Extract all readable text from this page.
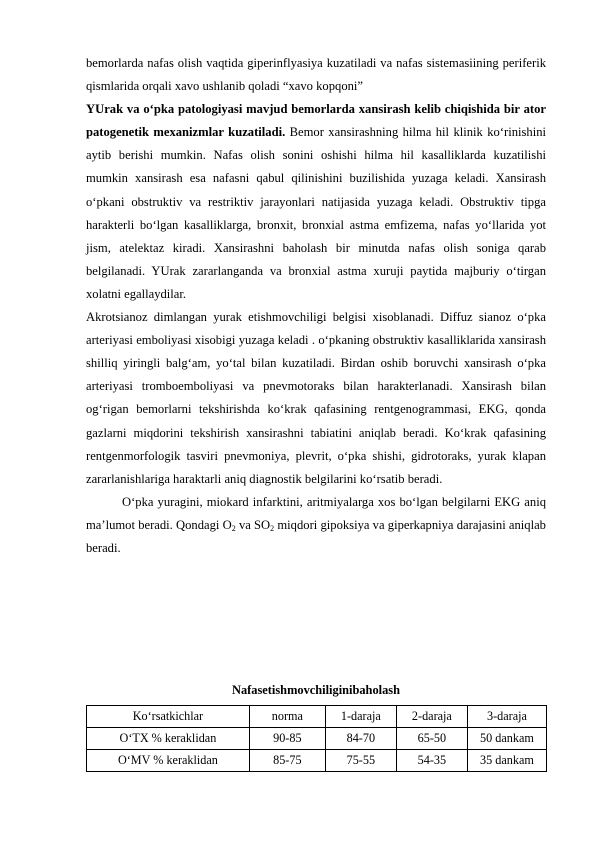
bemorlarda nafas olish vaqtida giperinflyasiya kuzatiladi va nafas sistemasiining periferik qismlarida orqali xavo ushlanib qoladi “xavo kopqoni”

YUrak va o‘pka patologiyasi mavjud bemorlarda xansirash kelib chiqishida bir ator patogenetik mexanizmlar kuzatiladi. Bemor xansirashning hilma hil klinik ko‘rinishini aytib berishi mumkin. Nafas olish sonini oshishi hilma hil kasalliklarda kuzatilishi mumkin xansirash esa nafasni qabul qilinishini buzilishida yuzaga keladi. Xansirash o‘pkani obstruktiv va restriktiv jarayonlari natijasida yuzaga keladi. Obstruktiv tipga harakterli bo‘lgan kasalliklarga, bronxit, bronxial astma emfizema, nafas yo‘llarida yot jism, atelektaz kiradi. Xansirashni baholash bir minutda nafas olish soniga qarab belgilanadi. YUrak zararlanganda va bronxial astma xuruji paytida majburiy o‘tirgan xolatni egallaydilar.

Akrotsianoz dimlangan yurak etishmovchiligi belgisi xisoblanadi. Diffuz sianoz o‘pka arteriyasi emboliyasi xisobigi yuzaga keladi . o‘pkaning obstruktiv kasalliklarida xansirash shilliq yiringli balg‘am, yo‘tal bilan kuzatiladi. Birdan oshib boruvchi xansirash o‘pka arteriyasi tromboemboliyasi va pnevmotoraks bilan harakterlanadi. Xansirash bilan og‘rigan bemorlarni tekshirishda ko‘krak qafasining rentgenogrammasi, EKG, qonda gazlarni miqdorini tekshirish xansirashni tabiatini aniqlab beradi. Ko‘krak qafasining rentgenmorfologik tasviri pnevmoniya, plevrit, o‘pka shishi, gidrotoraks, yurak klapan zararlanishlariga haraktarli aniq diagnostik belgilarini ko‘rsatib beradi.

O‘pka yuragini, miokard infarktini, aritmiyalarga xos bo‘lgan belgilarni EKG aniq ma’lumot beradi. Qondagi $O_2$ va $SO_2$ miqdori gipoksiya va giperkapniya darajasini aniqlab beradi.

Nafasetishmovchiliginibaholash

Ko‘rsatkichlar	norma	1-daraja	2-daraja	3-daraja
O‘TX % keraklidan	90-85	84-70	65-50	50 dankam
O‘MV % keraklidan	85-75	75-55	54-35	35 dankam
